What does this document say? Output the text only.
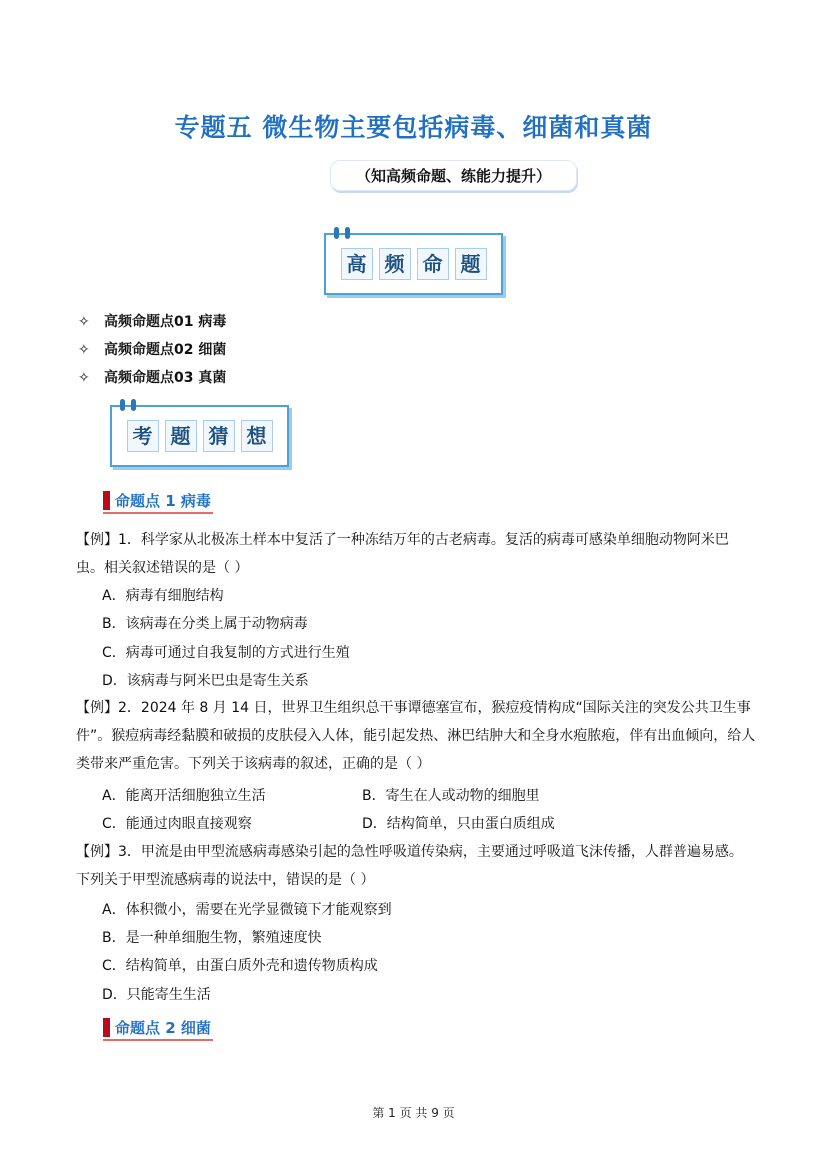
专题五 微生物主要包括病毒、细菌和真菌
（知高频命题、练能力提升）
高 频 命 题
✧ 高频命题点01 病毒
✧ 高频命题点02 细菌
✧ 高频命题点03 真菌
考 题 猜 想
命题点 1 病毒
【例】1．科学家从北极冻土样本中复活了一种冻结万年的古老病毒。复活的病毒可感染单细胞动物阿米巴虫。相关叙述错误的是（ ）
A．病毒有细胞结构
B．该病毒在分类上属于动物病毒
C．病毒可通过自我复制的方式进行生殖
D．该病毒与阿米巴虫是寄生关系
【例】2．2024 年 8 月 14 日，世界卫生组织总干事谭德塞宣布，猴痘疫情构成“国际关注的突发公共卫生事件”。猴痘病毒经黏膜和破损的皮肤侵入人体，能引起发热、淋巴结肿大和全身水疱脓疱，伴有出血倾向，给人类带来严重危害。下列关于该病毒的叙述，正确的是（ ）
A．能离开活细胞独立生活	B．寄生在人或动物的细胞里
C．能通过肉眼直接观察	D．结构简单，只由蛋白质组成
【例】3．甲流是由甲型流感病毒感染引起的急性呼吸道传染病，主要通过呼吸道飞沫传播，人群普遍易感。下列关于甲型流感病毒的说法中，错误的是（ ）
A．体积微小，需要在光学显微镜下才能观察到
B．是一种单细胞生物，繁殖速度快
C．结构简单，由蛋白质外壳和遗传物质构成
D．只能寄生生活
命题点 2 细菌
第 1 页 共 9 页
